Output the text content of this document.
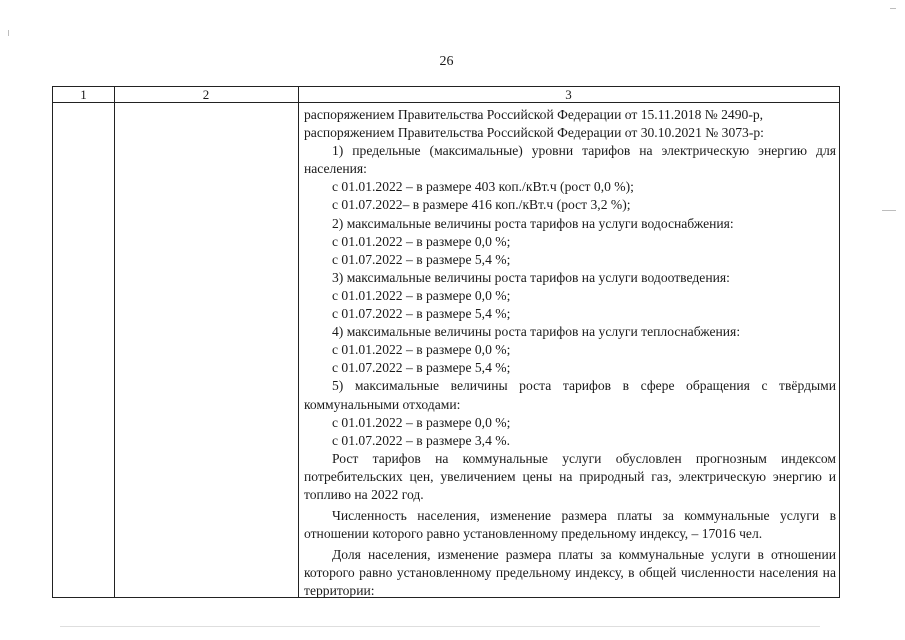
26
1	2	3
распоряжением Правительства Российской Федерации от 15.11.2018 № 2490-р,
распоряжением Правительства Российской Федерации от 30.10.2021 № 3073-р:
1) предельные (максимальные) уровни тарифов на электрическую энергию для населения:
с 01.01.2022 – в размере 403 коп./кВт.ч (рост 0,0 %);
с 01.07.2022– в размере 416 коп./кВт.ч (рост 3,2 %);
2) максимальные величины роста тарифов на услуги водоснабжения:
с 01.01.2022 – в размере 0,0 %;
с 01.07.2022 – в размере 5,4 %;
3) максимальные величины роста тарифов на услуги водоотведения:
с 01.01.2022 – в размере 0,0 %;
с 01.07.2022 – в размере 5,4 %;
4) максимальные величины роста тарифов на услуги теплоснабжения:
с 01.01.2022 – в размере 0,0 %;
с 01.07.2022 – в размере 5,4 %;
5) максимальные величины роста тарифов в сфере обращения с твёрдыми коммунальными отходами:
с 01.01.2022 – в размере 0,0 %;
с 01.07.2022 – в размере 3,4 %.
Рост тарифов на коммунальные услуги обусловлен прогнозным индексом потребительских цен, увеличением цены на природный газ, электрическую энергию и топливо на 2022 год.
Численность населения, изменение размера платы за коммунальные услуги в отношении которого равно установленному предельному индексу, – 17016 чел.
Доля населения, изменение размера платы за коммунальные услуги в отношении которого равно установленному предельному индексу, в общей численности населения на территории:
